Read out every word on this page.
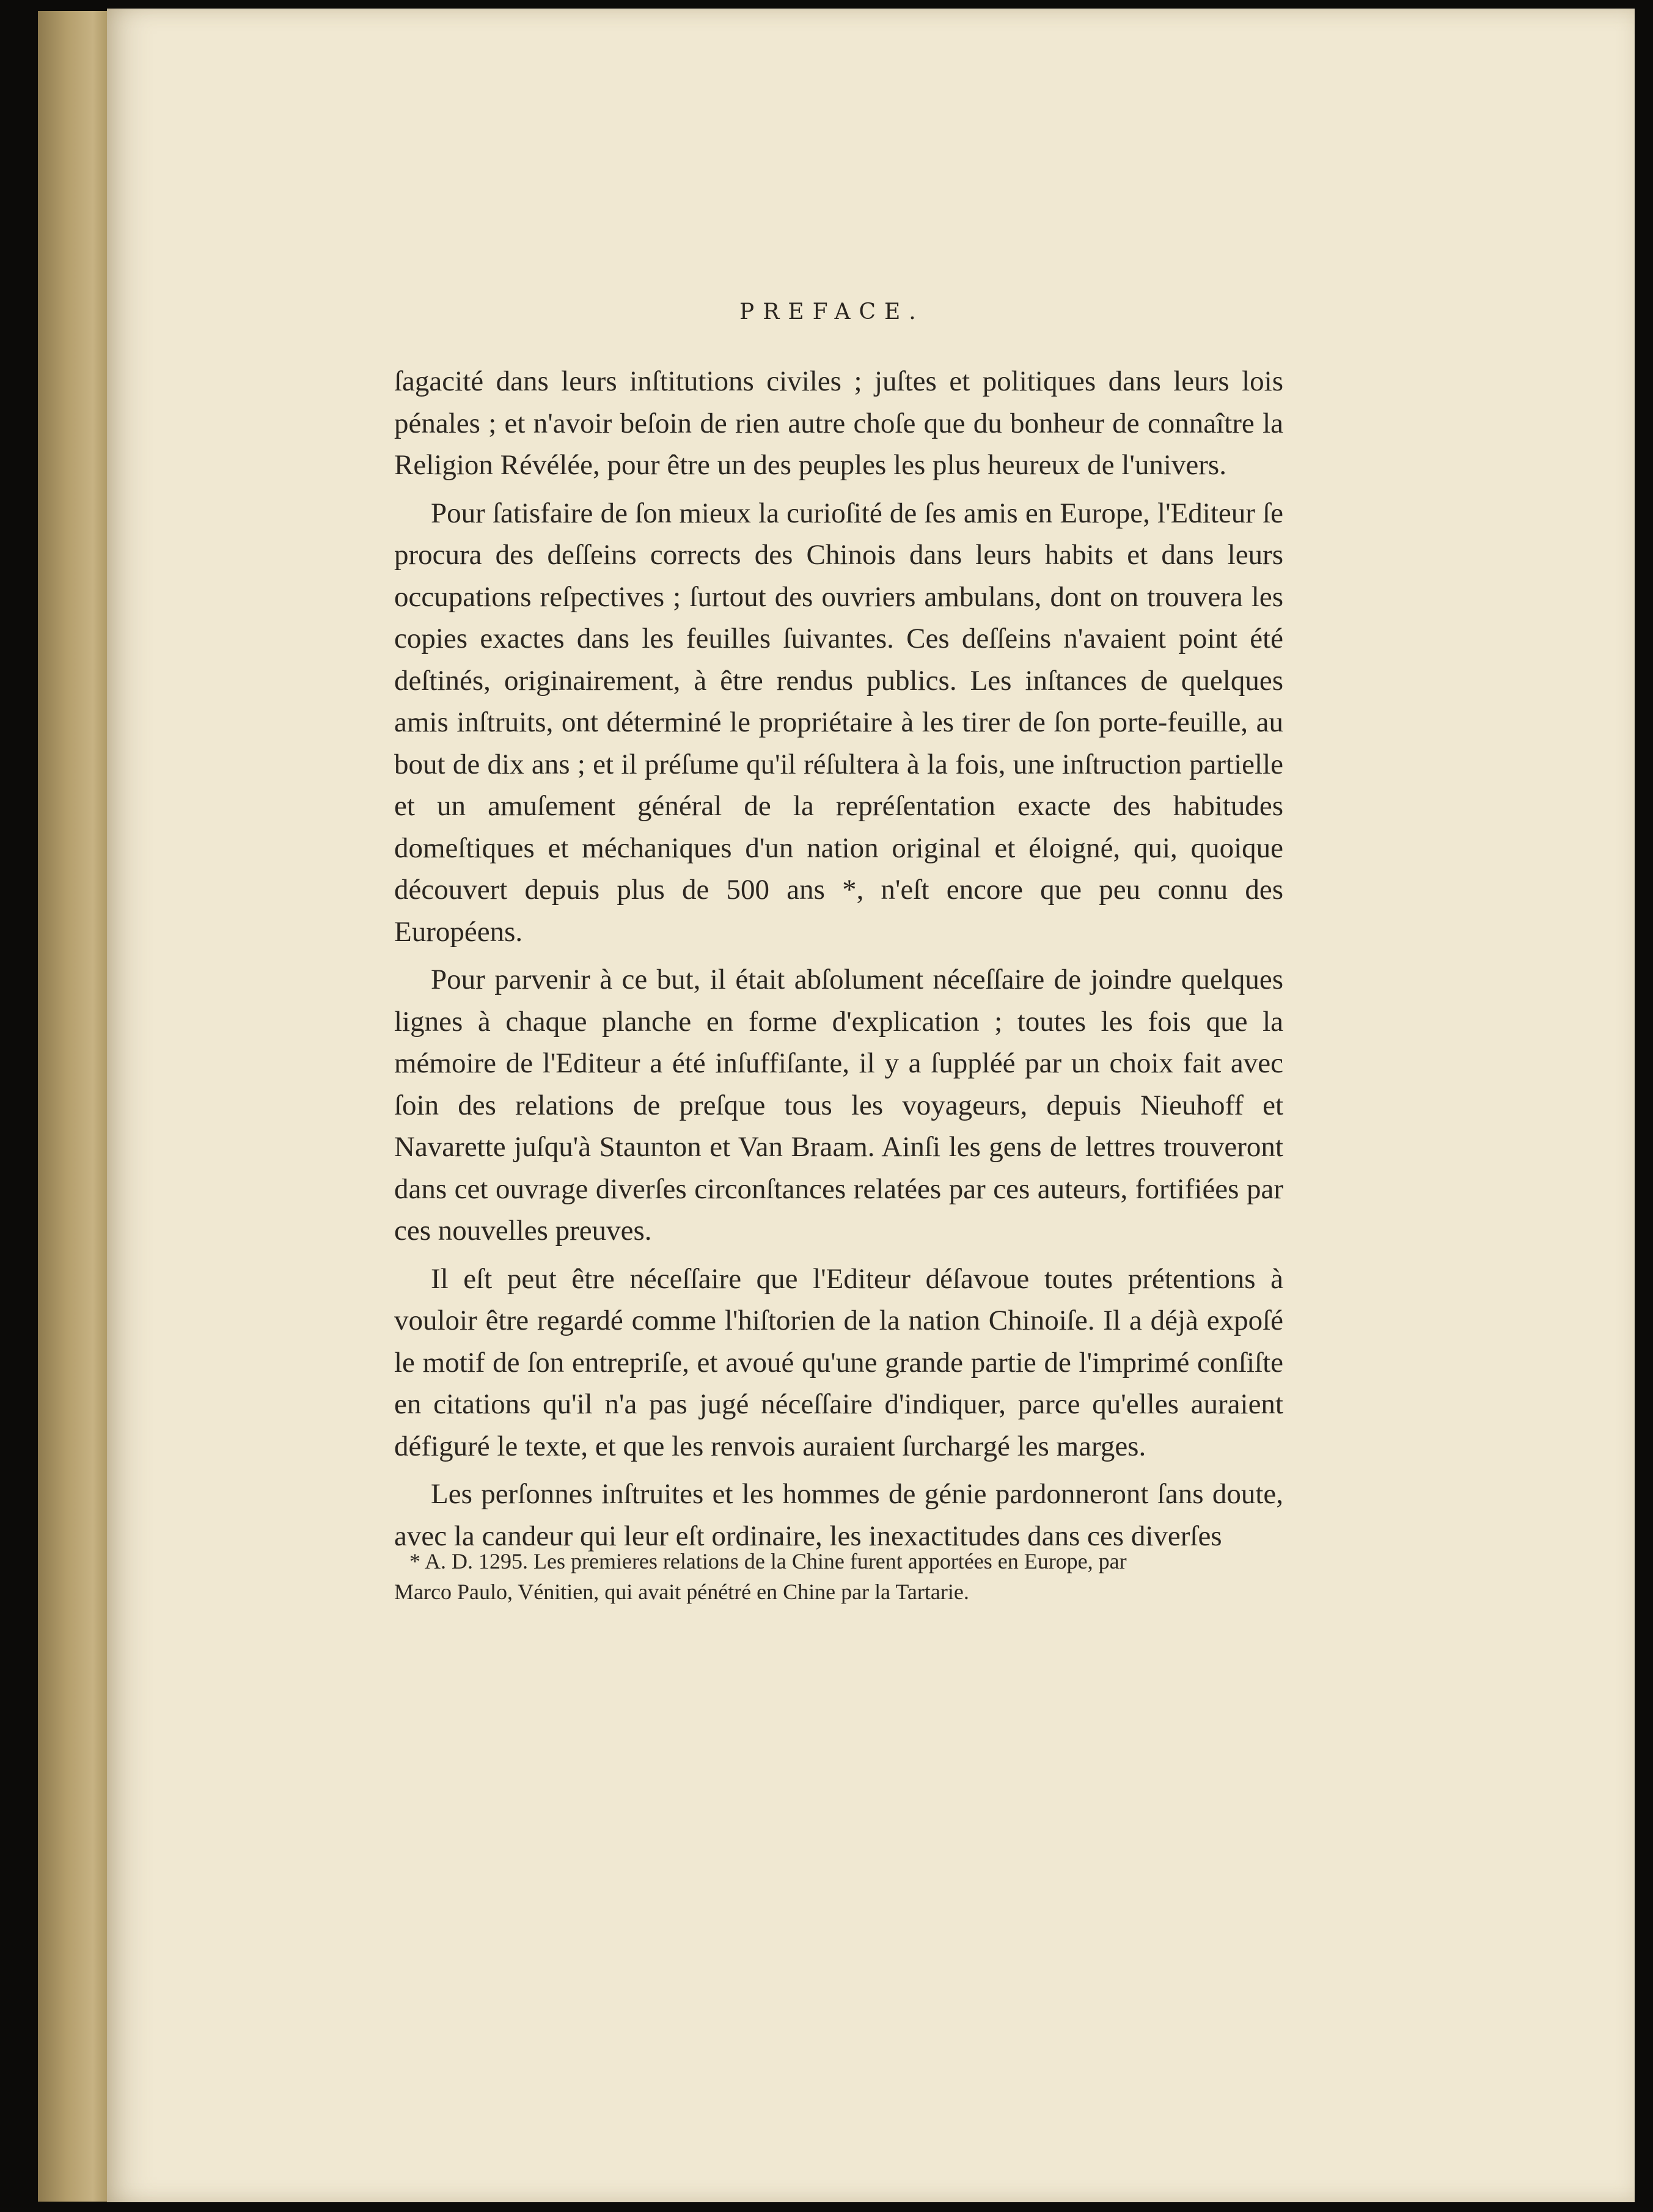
PREFACE.

ſagacité dans leurs inſtitutions civiles ; juſtes et politiques dans leurs lois pénales ; et n'avoir beſoin de rien autre choſe que du bonheur de connaître la Religion Révélée, pour être un des peuples les plus heureux de l'univers.

Pour ſatisfaire de ſon mieux la curioſité de ſes amis en Europe, l'Editeur ſe procura des deſſeins corrects des Chinois dans leurs habits et dans leurs occupations reſpectives ; ſurtout des ouvriers ambulans, dont on trouvera les copies exactes dans les feuilles ſuivantes. Ces deſſeins n'avaient point été deſtinés, originairement, à être rendus publics. Les inſtances de quelques amis inſtruits, ont déterminé le propriétaire à les tirer de ſon porte-feuille, au bout de dix ans ; et il préſume qu'il réſultera à la fois, une inſtruction partielle et un amuſement général de la repréſentation exacte des habitudes domeſtiques et méchaniques d'un nation original et éloigné, qui, quoique découvert depuis plus de 500 ans *, n'eſt encore que peu connu des Européens.

Pour parvenir à ce but, il était abſolument néceſſaire de joindre quelques lignes à chaque planche en forme d'explication ; toutes les fois que la mémoire de l'Editeur a été inſuffiſante, il y a ſuppléé par un choix fait avec ſoin des relations de preſque tous les voyageurs, depuis Nieuhoff et Navarette juſqu'à Staunton et Van Braam. Ainſi les gens de lettres trouveront dans cet ouvrage diverſes circonſtances relatées par ces auteurs, fortifiées par ces nouvelles preuves.

Il eſt peut être néceſſaire que l'Editeur déſavoue toutes prétentions à vouloir être regardé comme l'hiſtorien de la nation Chinoiſe. Il a déjà expoſé le motif de ſon entrepriſe, et avoué qu'une grande partie de l'imprimé conſiſte en citations qu'il n'a pas jugé néceſſaire d'indiquer, parce qu'elles auraient défiguré le texte, et que les renvois auraient ſurchargé les marges.

Les perſonnes inſtruites et les hommes de génie pardonneront ſans doute, avec la candeur qui leur eſt ordinaire, les inexactitudes dans ces diverſes

* A. D. 1295. Les premieres relations de la Chine furent apportées en Europe, par
Marco Paulo, Vénitien, qui avait pénétré en Chine par la Tartarie.
